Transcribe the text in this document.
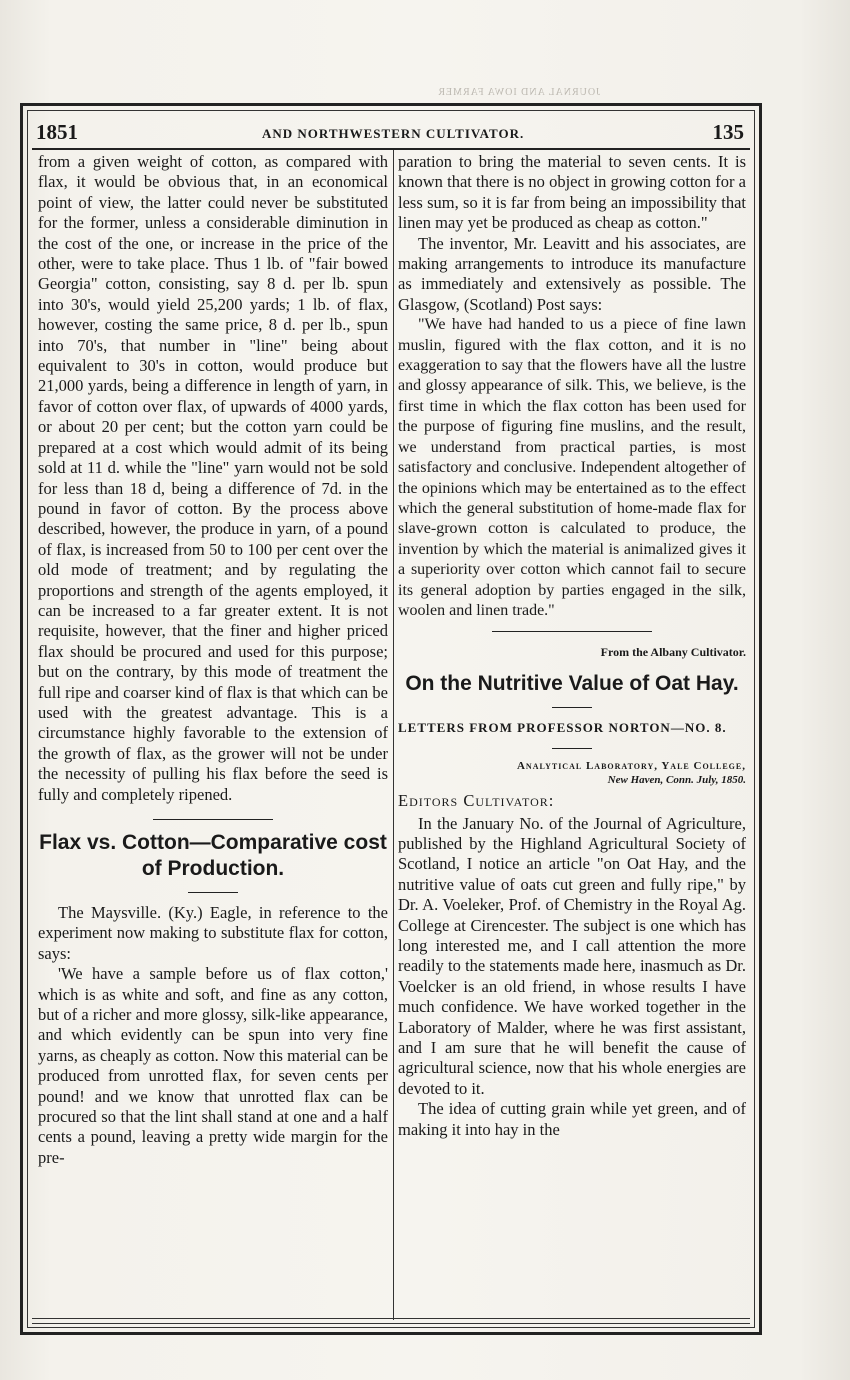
JOURNAL AND IOWA FARMER
1851	AND NORTHWESTERN CULTIVATOR.	135

from a given weight of cotton, as compared with flax, it would be obvious that, in an economical point of view, the latter could never be substituted for the former, unless a considerable diminution in the cost of the one, or increase in the price of the other, were to take place. Thus 1 lb. of "fair bowed Georgia" cotton, consisting, say 8 d. per lb. spun into 30's, would yield 25,200 yards; 1 lb. of flax, however, costing the same price, 8 d. per lb., spun into 70's, that number in "line" being about equivalent to 30's in cotton, would produce but 21,000 yards, being a difference in length of yarn, in favor of cotton over flax, of upwards of 4000 yards, or about 20 per cent; but the cotton yarn could be prepared at a cost which would admit of its being sold at 11 d. while the "line" yarn would not be sold for less than 18 d, being a difference of 7d. in the pound in favor of cotton. By the process above described, however, the produce in yarn, of a pound of flax, is increased from 50 to 100 per cent over the old mode of treatment; and by regulating the proportions and strength of the agents employed, it can be increased to a far greater extent. It is not requisite, however, that the finer and higher priced flax should be procured and used for this purpose; but on the contrary, by this mode of treatment the full ripe and coarser kind of flax is that which can be used with the greatest advantage. This is a circumstance highly favorable to the extension of the growth of flax, as the grower will not be under the necessity of pulling his flax before the seed is fully and completely ripened.

Flax vs. Cotton—Comparative cost of Production.

The Maysville. (Ky.) Eagle, in reference to the experiment now making to substitute flax for cotton, says:

'We have a sample before us of flax cotton,' which is as white and soft, and fine as any cotton, but of a richer and more glossy, silk-like appearance, and which evidently can be spun into very fine yarns, as cheaply as cotton. Now this material can be produced from unrotted flax, for seven cents per pound! and we know that unrotted flax can be procured so that the lint shall stand at one and a half cents a pound, leaving a pretty wide margin for the pre-

paration to bring the material to seven cents. It is known that there is no object in growing cotton for a less sum, so it is far from being an impossibility that linen may yet be produced as cheap as cotton."

The inventor, Mr. Leavitt and his associates, are making arrangements to introduce its manufacture as immediately and extensively as possible. The Glasgow, (Scotland) Post says:

"We have had handed to us a piece of fine lawn muslin, figured with the flax cotton, and it is no exaggeration to say that the flowers have all the lustre and glossy appearance of silk. This, we believe, is the first time in which the flax cotton has been used for the purpose of figuring fine muslins, and the result, we understand from practical parties, is most satisfactory and conclusive. Independent altogether of the opinions which may be entertained as to the effect which the general substitution of home-made flax for slave-grown cotton is calculated to produce, the invention by which the material is animalized gives it a superiority over cotton which cannot fail to secure its general adoption by parties engaged in the silk, woolen and linen trade."

From the Albany Cultivator.
On the Nutritive Value of Oat Hay.
LETTERS FROM PROFESSOR NORTON—NO. 8.
Analytical Laboratory, Yale College,
New Haven, Conn. July, 1850.
Editors Cultivator:

In the January No. of the Journal of Agriculture, published by the Highland Agricultural Society of Scotland, I notice an article "on Oat Hay, and the nutritive value of oats cut green and fully ripe," by Dr. A. Voeleker, Prof. of Chemistry in the Royal Ag. College at Cirencester. The subject is one which has long interested me, and I call attention the more readily to the statements made here, inasmuch as Dr. Voelcker is an old friend, in whose results I have much confidence. We have worked together in the Laboratory of Malder, where he was first assistant, and I am sure that he will benefit the cause of agricultural science, now that his whole energies are devoted to it.

The idea of cutting grain while yet green, and of making it into hay in the
